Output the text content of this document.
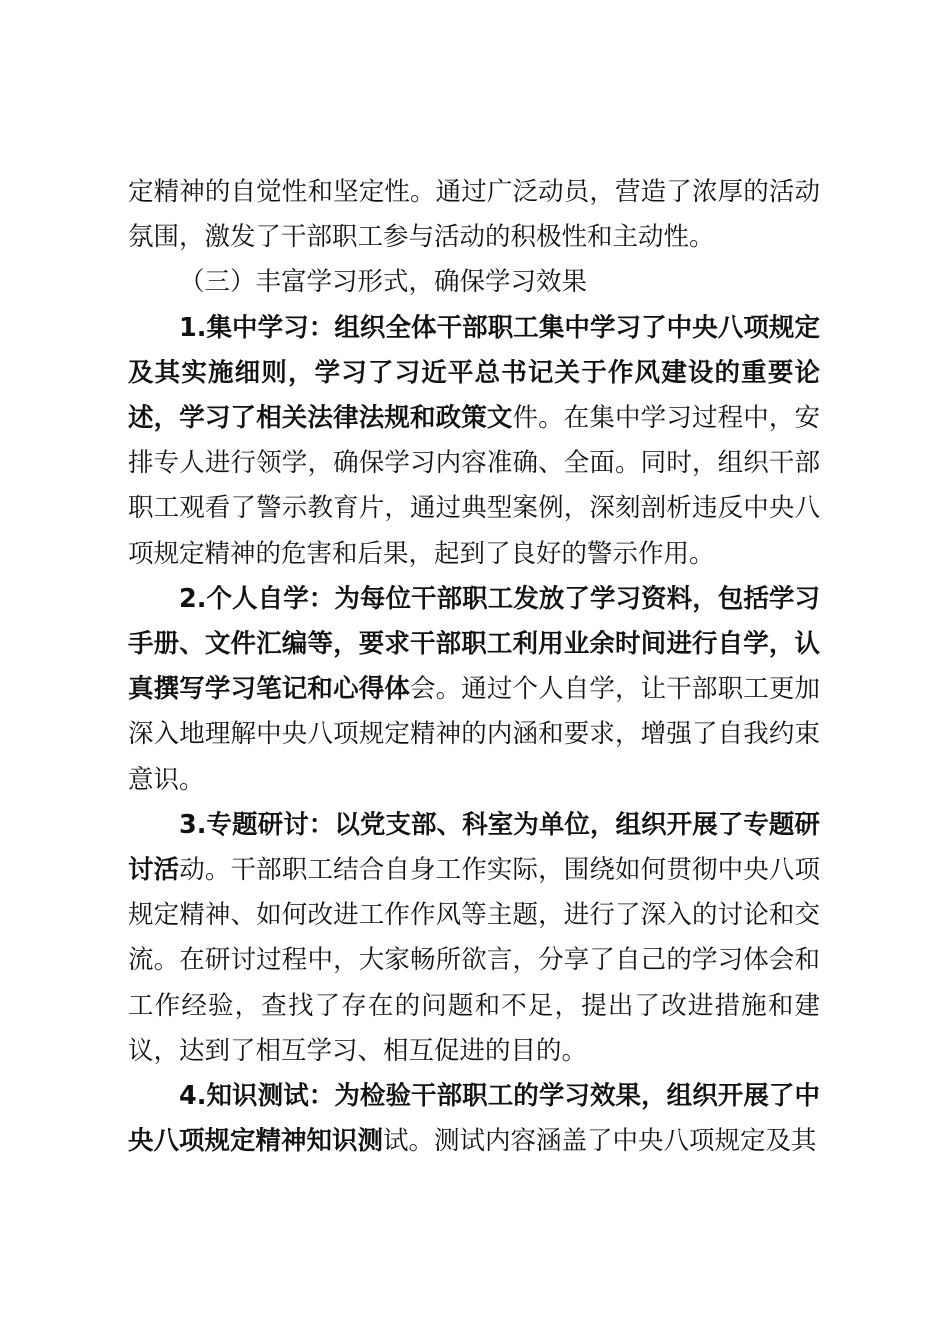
定精神的自觉性和坚定性。通过广泛动员，营造了浓厚的活动氛围，激发了干部职工参与活动的积极性和主动性。

（三）丰富学习形式，确保学习效果

1.集中学习：组织全体干部职工集中学习了中央八项规定及其实施细则，学习了习近平总书记关于作风建设的重要论述，学习了相关法律法规和政策文件。在集中学习过程中，安排专人进行领学，确保学习内容准确、全面。同时，组织干部职工观看了警示教育片，通过典型案例，深刻剖析违反中央八项规定精神的危害和后果，起到了良好的警示作用。

2.个人自学：为每位干部职工发放了学习资料，包括学习手册、文件汇编等，要求干部职工利用业余时间进行自学，认真撰写学习笔记和心得体会。通过个人自学，让干部职工更加深入地理解中央八项规定精神的内涵和要求，增强了自我约束意识。

3.专题研讨：以党支部、科室为单位，组织开展了专题研讨活动。干部职工结合自身工作实际，围绕如何贯彻中央八项规定精神、如何改进工作作风等主题，进行了深入的讨论和交流。在研讨过程中，大家畅所欲言，分享了自己的学习体会和工作经验，查找了存在的问题和不足，提出了改进措施和建议，达到了相互学习、相互促进的目的。

4.知识测试：为检验干部职工的学习效果，组织开展了中央八项规定精神知识测试。测试内容涵盖了中央八项规定及其
